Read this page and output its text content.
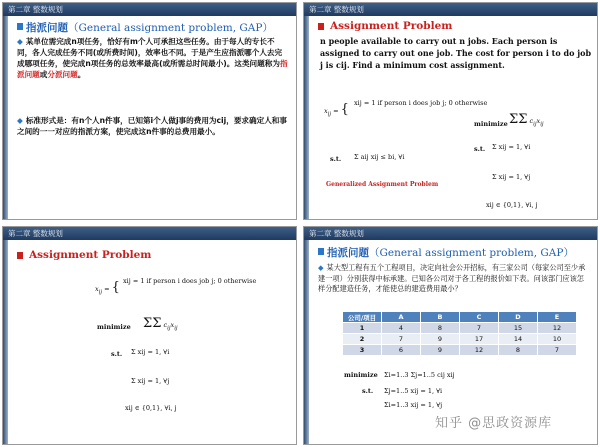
第二章 整数规划
指派问题（General assignment problem, GAP）
◆ 某单位需完成n项任务，恰好有m个人可承担这些任务。由于每人的专长不同，各人完成任务不同(或所费时间)，效率也不同。于是产生应指派哪个人去完成哪项任务，使完成n项任务的总效率最高(或所需总时间最小)。这类问题称为指派问题或分派问题。
◆ 标准形式是：有n个人n件事，已知第i个人做j事的费用为cij，要求确定人和事之间的一一对应的指派方案，使完成这n件事的总费用最小。
第二章 整数规划
Assignment Problem
n people available to carry out n jobs. Each person is assigned to carry out one job. The cost for person i to do job j is cij. Find a minimum cost assignment.
$x_{ij}$ = { xij = 1 if person i does job j; 0 otherwise
minimize ΣΣ $c_{ij}x_{ij}$
s.t. Σ aij xij ≤ bi, ∀i
Generalized Assignment Problem
s.t. Σ xij = 1, ∀i
Σ xij = 1, ∀j
xij ∈ {0,1}, ∀i, j
第二章 整数规划
Assignment Problem
$x_{ij}$ = { xij = 1 if person i does job j; 0 otherwise
minimize ΣΣ $c_{ij}x_{ij}$
s.t. Σ xij = 1, ∀i
Σ xij = 1, ∀j
xij ∈ {0,1}, ∀i, j
第二章 整数规划
指派问题（General assignment problem, GAP）
◆ 某大型工程有五个工程项目，决定向社会公开招标，有三家公司（每家公司至少承建一项）分别获得中标承建。已知各公司对于各工程的报价如下表。问该部门应该怎样分配建造任务，才能使总的建造费用最小？
公司/项目	A	B	C	D	E
1	4	8	7	15	12
2	7	9	17	14	10
3	6	9	12	8	7
minimize Σi=1..3 Σj=1..5 cij xij
s.t. Σj=1..5 xij = 1, ∀i
Σi=1..3 xij = 1, ∀j
知乎 @思政资源库
